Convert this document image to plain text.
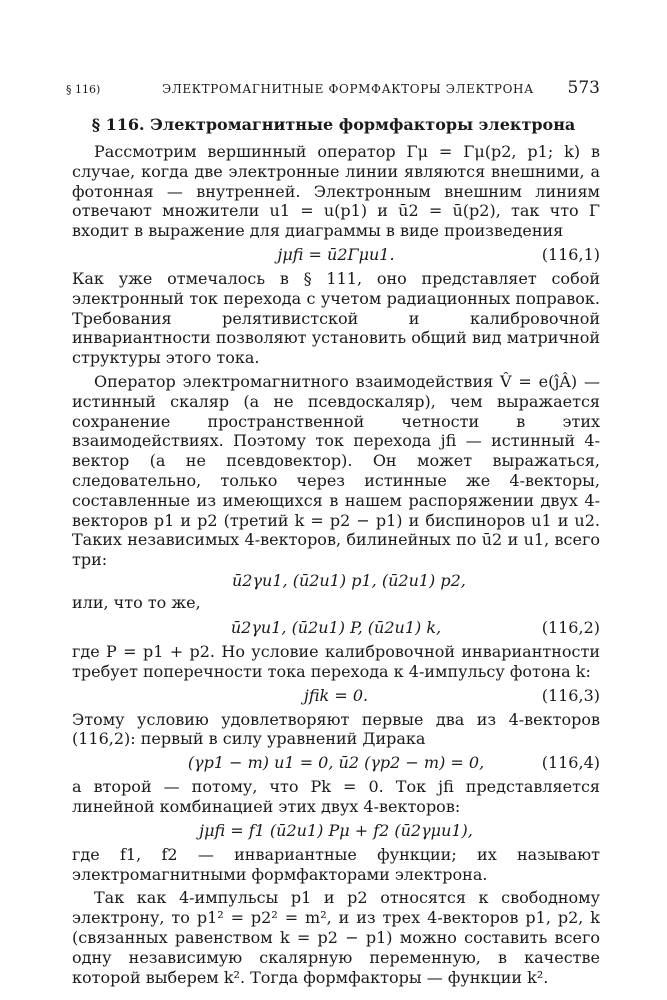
§ 116)	ЭЛЕКТРОМАГНИТНЫЕ ФОРМФАКТОРЫ ЭЛЕКТРОНА 573
§ 116. Электромагнитные формфакторы электрона

Рассмотрим вершинный оператор Γμ = Γμ(p2, p1; k) в случае, когда две электронные линии являются внешними, а фотонная — внутренней. Электронным внешним линиям отвечают множители u1 = u(p1) и ū2 = ū(p2), так что Γ входит в выражение для диаграммы в виде произведения

jμfi = ū2Γμu1.	(116,1)

Как уже отмечалось в § 111, оно представляет собой электронный ток перехода с учетом радиационных поправок. Требования релятивистской и калибровочной инвариантности позволяют установить общий вид матричной структуры этого тока.

Оператор электромагнитного взаимодействия V̂ = e(ĵÂ) — истинный скаляр (а не псевдоскаляр), чем выражается сохранение пространственной четности в этих взаимодействиях. Поэтому ток перехода jfi — истинный 4-вектор (а не псевдовектор). Он может выражаться, следовательно, только через истинные же 4-векторы, составленные из имеющихся в нашем распоряжении двух 4-векторов p1 и p2 (третий k = p2 − p1) и биспиноров u1 и u2. Таких независимых 4-векторов, билинейных по ū2 и u1, всего три:

ū2γu1, (ū2u1) p1, (ū2u1) p2,

или, что то же,

ū2γu1, (ū2u1) P, (ū2u1) k,	(116,2)

где P = p1 + p2. Но условие калибровочной инвариантности требует поперечности тока перехода к 4-импульсу фотона k:

jfik = 0.	(116,3)

Этому условию удовлетворяют первые два из 4-векторов (116,2): первый в силу уравнений Дирака

(γp1 − m) u1 = 0, ū2 (γp2 − m) = 0,	(116,4)

а второй — потому, что Pk = 0. Ток jfi представляется линейной комбинацией этих двух 4-векторов:

jμfi = f1 (ū2u1) Pμ + f2 (ū2γμu1),

где f1, f2 — инвариантные функции; их называют электромагнитными формфакторами электрона.

Так как 4-импульсы p1 и p2 относятся к свободному электрону, то p1² = p2² = m², и из трех 4-векторов p1, p2, k (связанных равенством k = p2 − p1) можно составить всего одну независимую скалярную переменную, в качестве которой выберем k². Тогда формфакторы — функции k².
